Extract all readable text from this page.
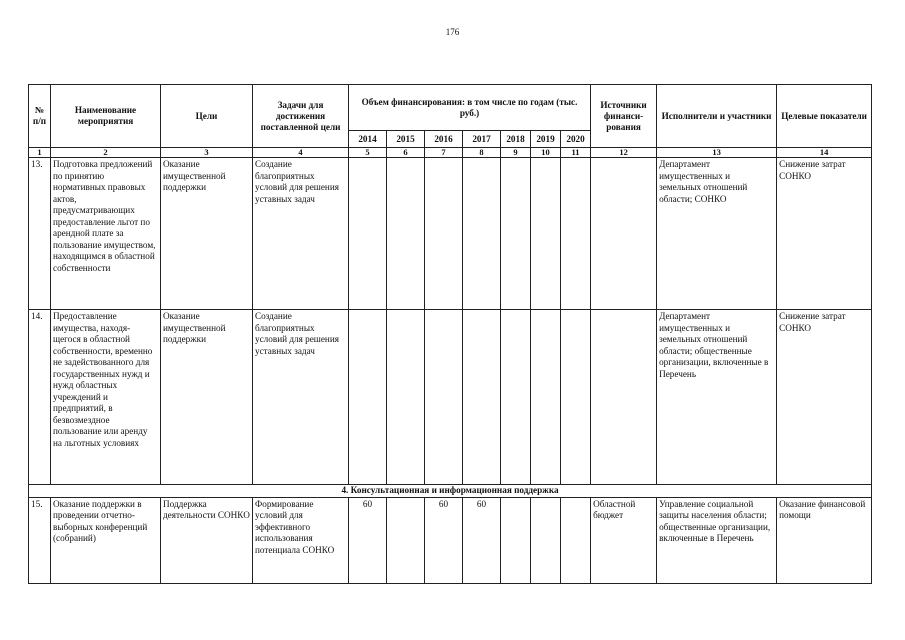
176
№ п/п	Наименование мероприятия	Цели	Задачи для достижения поставленной цели	Объем финансирования: в том числе по годам (тыс. руб.)							Источники финанси-рования	Исполнители и участники	Целевые показатели
				2014	2015	2016	2017	2018	2019	2020			
1	2	3	4	5	6	7	8	9	10	11	12	13	14
13.	Подготовка предложений по принятию нормативных правовых актов, предусматривающих предоставление льгот по арендной плате за пользование имуществом, находящимся в областной собственности	Оказание имущественной поддержки	Создание благоприятных условий для решения уставных задач									Департамент имущественных и земельных отношений области; СОНКО	Снижение затрат СОНКО
14.	Предоставление имущества, находя-щегося в областной собственности, временно не задействованного для государственных нужд и нужд областных учреждений и предприятий, в безвозмездное пользование или аренду на льготных условиях	Оказание имущественной поддержки	Создание благоприятных условий для решения уставных задач									Департамент имущественных и земельных отношений области; общественные организации, включенные в Перечень	Снижение затрат СОНКО
4. Консультационная и информационная поддержка													
15.	Оказание поддержки в проведении отчетно-выборных конференций (собраний)	Поддержка деятельности СОНКО	Формирование условий для эффективного использования потенциала СОНКО	60		60	60				Областной бюджет	Управление социальной защиты населения области; общественные организации, включенные в Перечень	Оказание финансовой помощи
